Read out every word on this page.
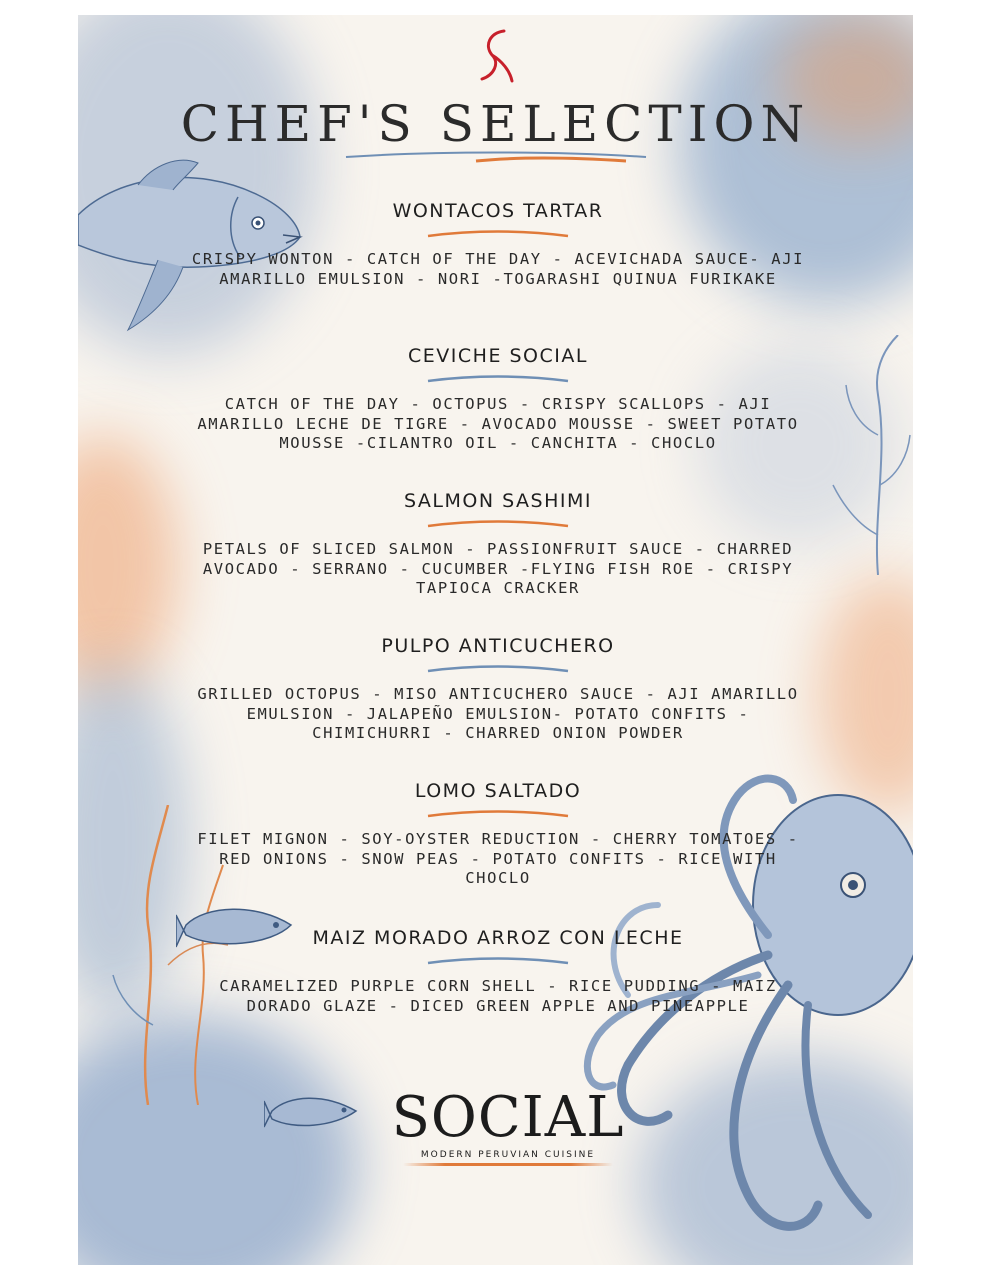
CHEF'S SELECTION
WONTACOS TARTAR
CRISPY WONTON - CATCH OF THE DAY - ACEVICHADA SAUCE- AJI AMARILLO EMULSION - NORI -TOGARASHI QUINUA FURIKAKE
CEVICHE SOCIAL
CATCH OF THE DAY - OCTOPUS - CRISPY SCALLOPS - AJI AMARILLO LECHE DE TIGRE - AVOCADO MOUSSE - SWEET POTATO MOUSSE -CILANTRO OIL - CANCHITA - CHOCLO
SALMON SASHIMI
PETALS OF SLICED SALMON - PASSIONFRUIT SAUCE - CHARRED AVOCADO - SERRANO - CUCUMBER -FLYING FISH ROE - CRISPY TAPIOCA CRACKER
PULPO ANTICUCHERO
GRILLED OCTOPUS - MISO ANTICUCHERO SAUCE - AJI AMARILLO EMULSION - JALAPEÑO EMULSION- POTATO CONFITS - CHIMICHURRI - CHARRED ONION POWDER
LOMO SALTADO
FILET MIGNON - SOY-OYSTER REDUCTION - CHERRY TOMATOES - RED ONIONS - SNOW PEAS - POTATO CONFITS - RICE WITH CHOCLO
MAIZ MORADO ARROZ CON LECHE
CARAMELIZED PURPLE CORN SHELL - RICE PUDDING - MAIZ DORADO GLAZE - DICED GREEN APPLE AND PINEAPPLE
SOCIAL
MODERN PERUVIAN CUISINE
